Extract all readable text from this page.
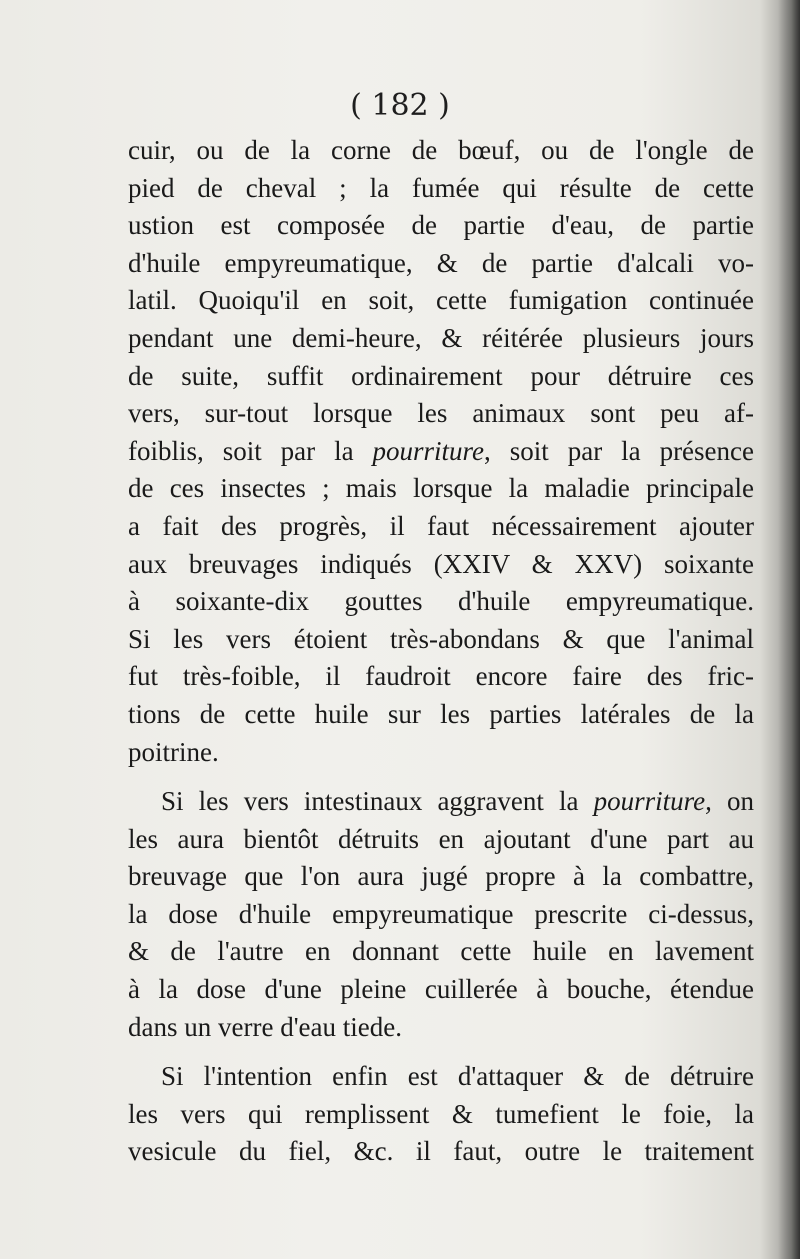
( 182 )
cuir, ou de la corne de bœuf, ou de l'ongle de
pied de cheval ; la fumée qui résulte de cette
ustion est composée de partie d'eau, de partie
d'huile empyreumatique, & de partie d'alcali vo-
latil. Quoiqu'il en soit, cette fumigation continuée
pendant une demi-heure, & réitérée plusieurs jours
de suite, suffit ordinairement pour détruire ces
vers, sur-tout lorsque les animaux sont peu af-
foiblis, soit par la pourriture, soit par la présence
de ces insectes ; mais lorsque la maladie principale
a fait des progrès, il faut nécessairement ajouter
aux breuvages indiqués (XXIV & XXV) soixante
à soixante-dix gouttes d'huile empyreumatique.
Si les vers étoient très-abondans & que l'animal
fut très-foible, il faudroit encore faire des fric-
tions de cette huile sur les parties latérales de la
poitrine.
Si les vers intestinaux aggravent la pourriture, on
les aura bientôt détruits en ajoutant d'une part au
breuvage que l'on aura jugé propre à la combattre,
la dose d'huile empyreumatique prescrite ci-dessus,
& de l'autre en donnant cette huile en lavement
à la dose d'une pleine cuillerée à bouche, étendue
dans un verre d'eau tiede.
Si l'intention enfin est d'attaquer & de détruire
les vers qui remplissent & tumefient le foie, la
vesicule du fiel, &c. il faut, outre le traitement
